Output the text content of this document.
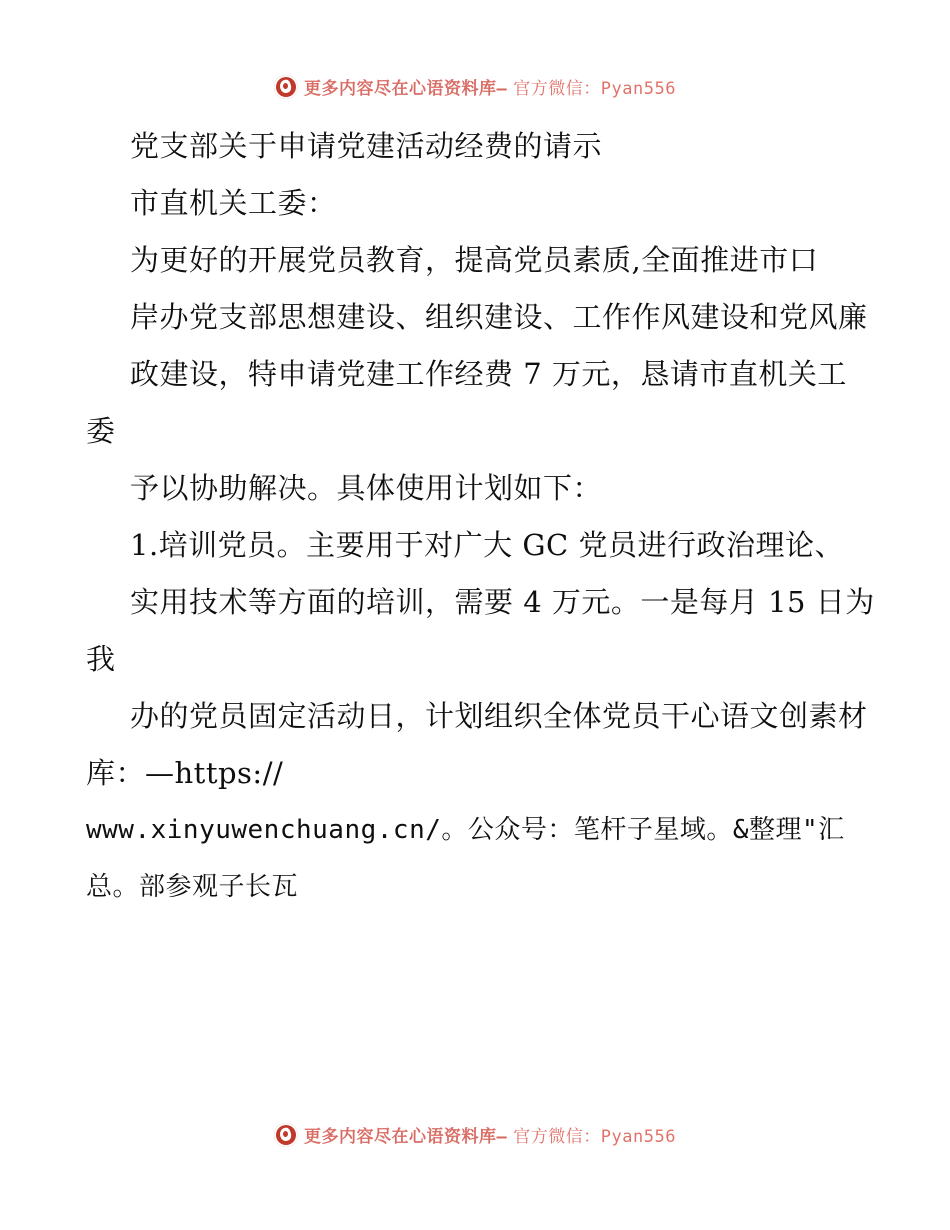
更多内容尽在心语资料库— 官方微信：Pyan556

党支部关于申请党建活动经费的请示

市直机关工委：

为更好的开展党员教育，提高党员素质,全面推进市口

岸办党支部思想建设、组织建设、工作作风建设和党风廉

政建设，特申请党建工作经费 7 万元，恳请市直机关工委

予以协助解决。具体使用计划如下：

1.培训党员。主要用于对广大 GC 党员进行政治理论、

实用技术等方面的培训，需要 4 万元。一是每月 15 日为我

办的党员固定活动日，计划组织全体党员干心语文创素材库：—https://

www.xinyuwenchuang.cn/。公众号：笔杆子星域。&整理"汇总。部参观子长瓦

更多内容尽在心语资料库— 官方微信：Pyan556
